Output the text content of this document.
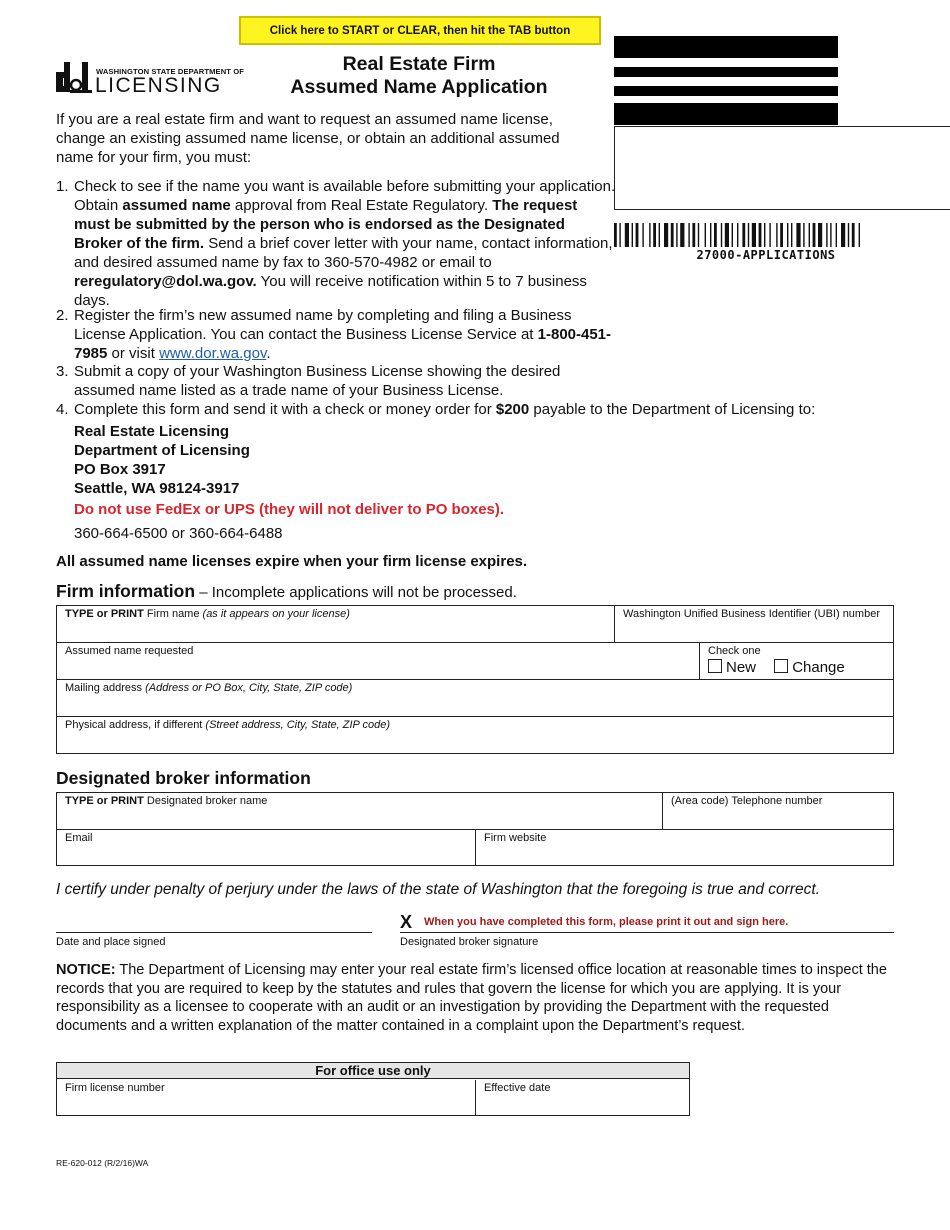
Click here to START or CLEAR, then hit the TAB button
WASHINGTON STATE DEPARTMENT OF
LICENSING
Real Estate Firm
Assumed Name Application
27000-APPLICATIONS
If you are a real estate firm and want to request an assumed name license, change an existing assumed name license, or obtain an additional assumed name for your firm, you must:
1. Check to see if the name you want is available before submitting your application. Obtain assumed name approval from Real Estate Regulatory. The request must be submitted by the person who is endorsed as the Designated Broker of the firm. Send a brief cover letter with your name, contact information, and desired assumed name by fax to 360-570-4982 or email to reregulatory@dol.wa.gov. You will receive notification within 5 to 7 business days.
2. Register the firm’s new assumed name by completing and filing a Business License Application. You can contact the Business License Service at 1-800-451-7985 or visit www.dor.wa.gov.
3. Submit a copy of your Washington Business License showing the desired assumed name listed as a trade name of your Business License.
4. Complete this form and send it with a check or money order for $200 payable to the Department of Licensing to:
Real Estate Licensing
Department of Licensing
PO Box 3917
Seattle, WA 98124-3917
Do not use FedEx or UPS (they will not deliver to PO boxes).
360-664-6500 or 360-664-6488
All assumed name licenses expire when your firm license expires.
Firm information – Incomplete applications will not be processed.
TYPE or PRINT Firm name (as it appears on your license)	Washington Unified Business Identifier (UBI) number
Assumed name requested	Check one
New Change
Mailing address (Address or PO Box, City, State, ZIP code)
Physical address, if different (Street address, City, State, ZIP code)
Designated broker information
TYPE or PRINT Designated broker name	(Area code) Telephone number
Email	Firm website
I certify under penalty of perjury under the laws of the state of Washington that the foregoing is true and correct.
Date and place signed
X When you have completed this form, please print it out and sign here.
Designated broker signature
NOTICE: The Department of Licensing may enter your real estate firm’s licensed office location at reasonable times to inspect the records that you are required to keep by the statutes and rules that govern the license for which you are applying. It is your responsibility as a licensee to cooperate with an audit or an investigation by providing the Department with the requested documents and a written explanation of the matter contained in a complaint upon the Department’s request.
For office use only
Firm license number	Effective date
RE-620-012 (R/2/16)WA
